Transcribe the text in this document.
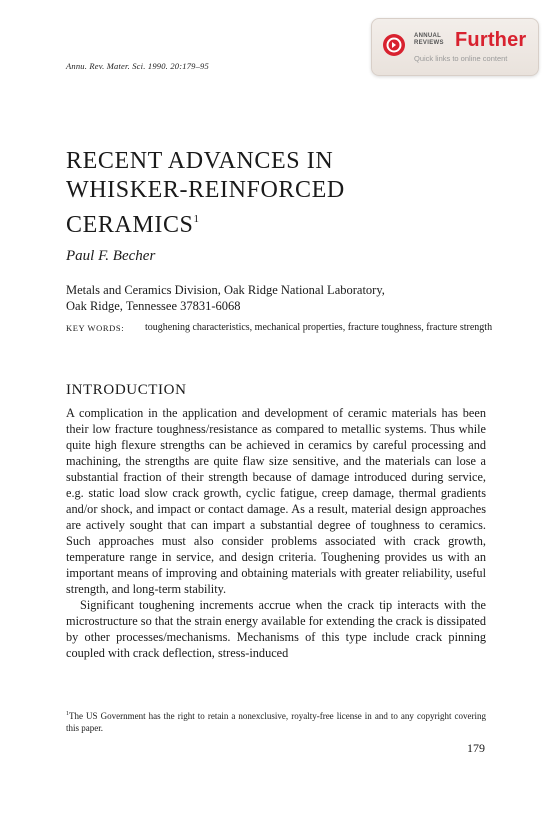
Annu. Rev. Mater. Sci. 1990. 20:179–95
ANNUAL REVIEWS Further
Quick links to online content
RECENT ADVANCES IN
WHISKER-REINFORCED
CERAMICS$^1$
Paul F. Becher
Metals and Ceramics Division, Oak Ridge National Laboratory,
Oak Ridge, Tennessee 37831-6068
KEY WORDS: toughening characteristics, mechanical properties, fracture toughness, fracture strength
INTRODUCTION

A complication in the application and development of ceramic materials has been their low fracture toughness/resistance as compared to metallic systems. Thus while quite high flexure strengths can be achieved in ceramics by careful processing and machining, the strengths are quite flaw size sensitive, and the materials can lose a substantial fraction of their strength because of damage introduced during service, e.g. static load slow crack growth, cyclic fatigue, creep damage, thermal gradients and/or shock, and impact or contact damage. As a result, material design approaches are actively sought that can impart a substantial degree of toughness to ceramics. Such approaches must also consider problems associated with crack growth, temperature range in service, and design criteria. Toughening provides us with an important means of improving and obtaining materials with greater reliability, useful strength, and long-term stability.

Significant toughening increments accrue when the crack tip interacts with the microstructure so that the strain energy available for extending the crack is dissipated by other processes/mechanisms. Mechanisms of this type include crack pinning coupled with crack deflection, stress-induced

$^1$The US Government has the right to retain a nonexclusive, royalty-free license in and to any copyright covering this paper.
179
